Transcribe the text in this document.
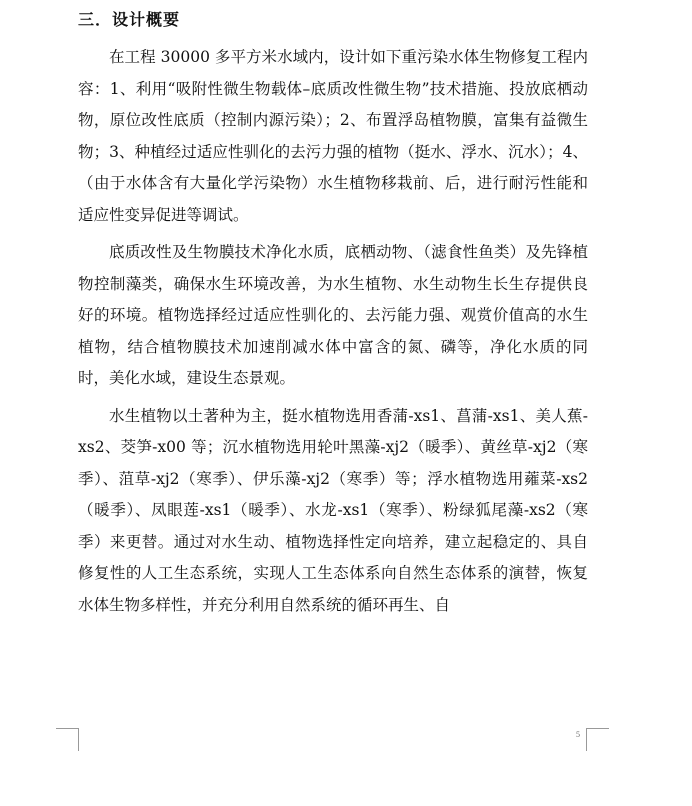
三．设计概要

在工程 30000 多平方米水域内，设计如下重污染水体生物修复工程内容：1、利用“吸附性微生物载体–底质改性微生物”技术措施、投放底栖动物，原位改性底质（控制内源污染）；2、布置浮岛植物膜，富集有益微生物；3、种植经过适应性驯化的去污力强的植物（挺水、浮水、沉水）；4、（由于水体含有大量化学污染物）水生植物移栽前、后，进行耐污性能和适应性变异促进等调试。

底质改性及生物膜技术净化水质，底栖动物、（滤食性鱼类）及先锋植物控制藻类，确保水生环境改善，为水生植物、水生动物生长生存提供良好的环境。植物选择经过适应性驯化的、去污能力强、观赏价值高的水生植物，结合植物膜技术加速削减水体中富含的氮、磷等，净化水质的同时，美化水域，建设生态景观。

水生植物以土著种为主，挺水植物选用香蒲-xs1、菖蒲-xs1、美人蕉-xs2、茭笋-x00 等；沉水植物选用轮叶黑藻-xj2（暖季）、黄丝草-xj2（寒季）、菹草-xj2（寒季）、伊乐藻-xj2（寒季）等；浮水植物选用蕹菜-xs2（暖季）、凤眼莲-xs1（暖季）、水龙-xs1（寒季）、粉绿狐尾藻-xs2（寒季）来更替。通过对水生动、植物选择性定向培养，建立起稳定的、具自修复性的人工生态系统，实现人工生态体系向自然生态体系的演替，恢复水体生物多样性，并充分利用自然系统的循环再生、自

5
